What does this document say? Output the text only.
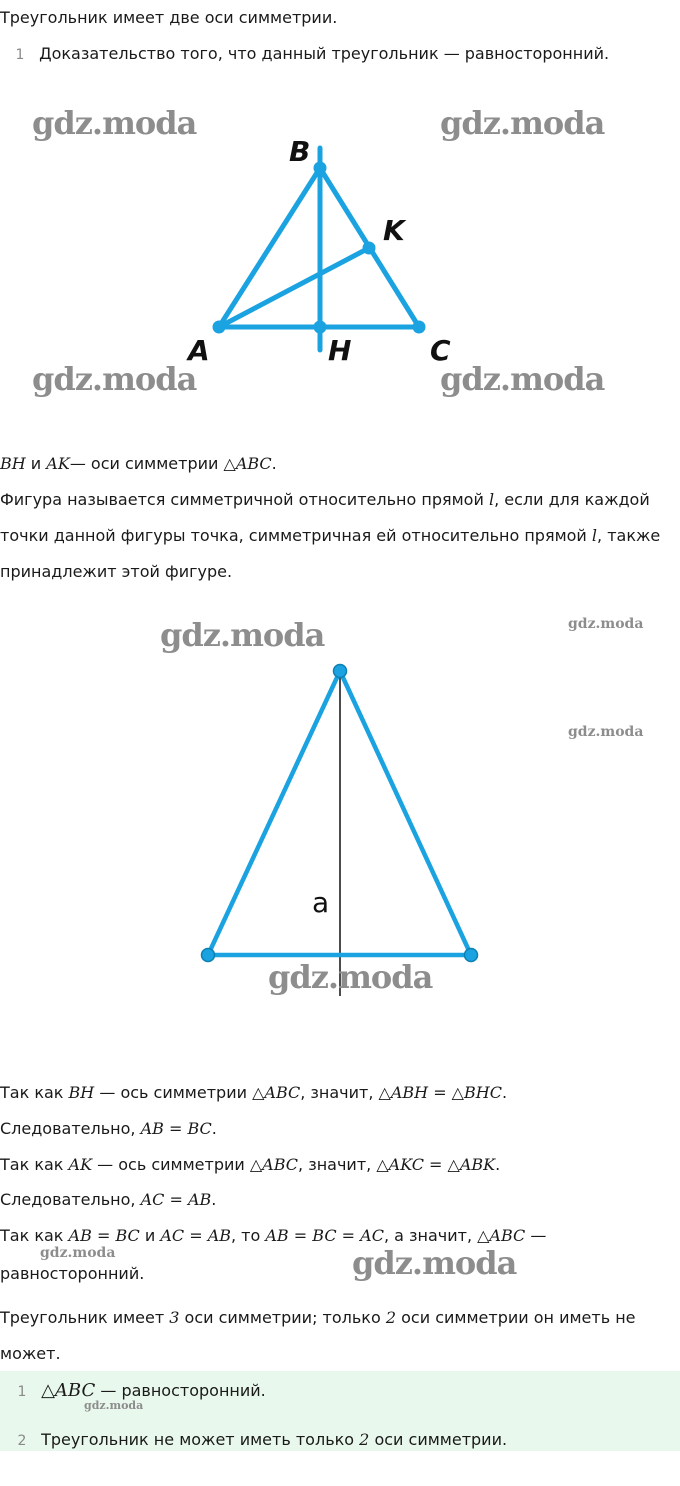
Треугольник имеет две оси симметрии.
1 Доказательство того, что данный треугольник — равносторонний.
B
K
A	H	C
gdz.moda	gdz.moda
gdz.moda	gdz.moda
BH и AK— оси симметрии △ABC.
Фигура называется симметричной относительно прямой l, если для каждой
точки данной фигуры точка, симметричная ей относительно прямой l, также
принадлежит этой фигуре.
a
gdz.moda	gdz.moda
gdz.moda
gdz.moda
Так как BH — ось симметрии △ABC, значит, △ABH = △BHC.
Следовательно, AB = BC.
Так как AK — ось симметрии △ABC, значит, △AKC = △ABK.
Следовательно, AC = AB.
Так как AB = BC и AC = AB, то AB = BC = AC, а значит, △ABC —
равносторонний.
gdz.moda	gdz.moda
Треугольник имеет 3 оси симметрии; только 2 оси симметрии он иметь не
может.
1 △ABC — равносторонний.
gdz.moda
2 Треугольник не может иметь только 2 оси симметрии.
